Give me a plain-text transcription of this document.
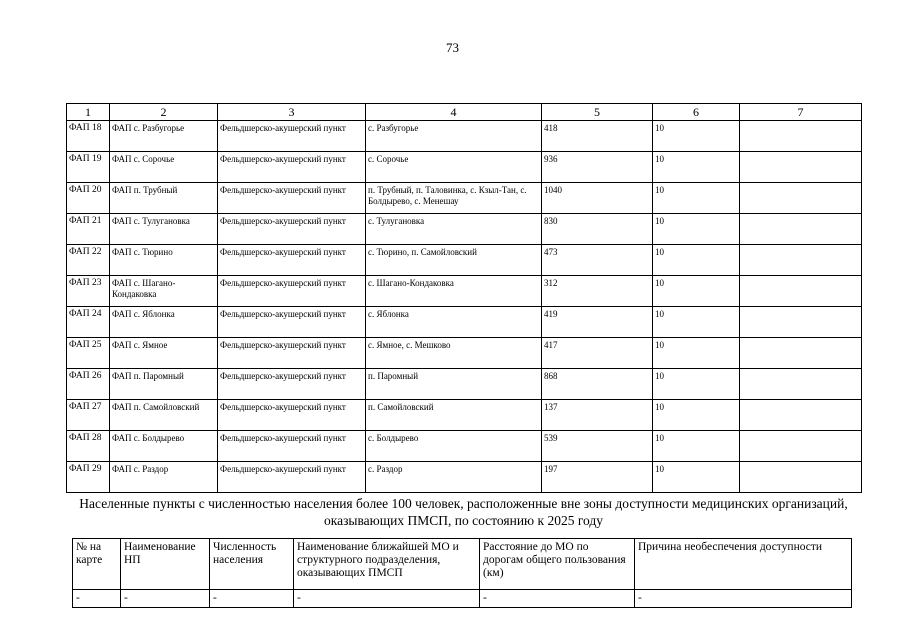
73
1	2	3	4	5	6	7
ФАП 18	ФАП с. Разбугорье	Фельдшерско-акушерский пункт	с. Разбугорье	418	10	
ФАП 19	ФАП с. Сорочье	Фельдшерско-акушерский пункт	с. Сорочье	936	10	
ФАП 20	ФАП п. Трубный	Фельдшерско-акушерский пункт	п. Трубный, п. Таловинка, с. Кзыл-Тан, с. Болдырево, с. Менешау	1040	10	
ФАП 21	ФАП с. Тулугановка	Фельдшерско-акушерский пункт	с. Тулугановка	830	10	
ФАП 22	ФАП с. Тюрино	Фельдшерско-акушерский пункт	с. Тюрино, п. Самойловский	473	10	
ФАП 23	ФАП с. Шагано-Кондаковка	Фельдшерско-акушерский пункт	с. Шагано-Кондаковка	312	10	
ФАП 24	ФАП с. Яблонка	Фельдшерско-акушерский пункт	с. Яблонка	419	10	
ФАП 25	ФАП с. Ямное	Фельдшерско-акушерский пункт	с. Ямное, с. Мешково	417	10	
ФАП 26	ФАП п. Паромный	Фельдшерско-акушерский пункт	п. Паромный	868	10	
ФАП 27	ФАП п. Самойловский	Фельдшерско-акушерский пункт	п. Самойловский	137	10	
ФАП 28	ФАП с. Болдырево	Фельдшерско-акушерский пункт	с. Болдырево	539	10	
ФАП 29	ФАП с. Раздор	Фельдшерско-акушерский пункт	с. Раздор	197	10	
Населенные пункты с численностью населения более 100 человек, расположенные вне зоны доступности медицинских организаций, оказывающих ПМСП, по состоянию к 2025 году
№ на карте	Наименование НП	Численность населения	Наименование ближайшей МО и структурного подразделения, оказывающих ПМСП	Расстояние до МО по дорогам общего пользования (км)	Причина необеспечения доступности
-	-	-	-	-	-
